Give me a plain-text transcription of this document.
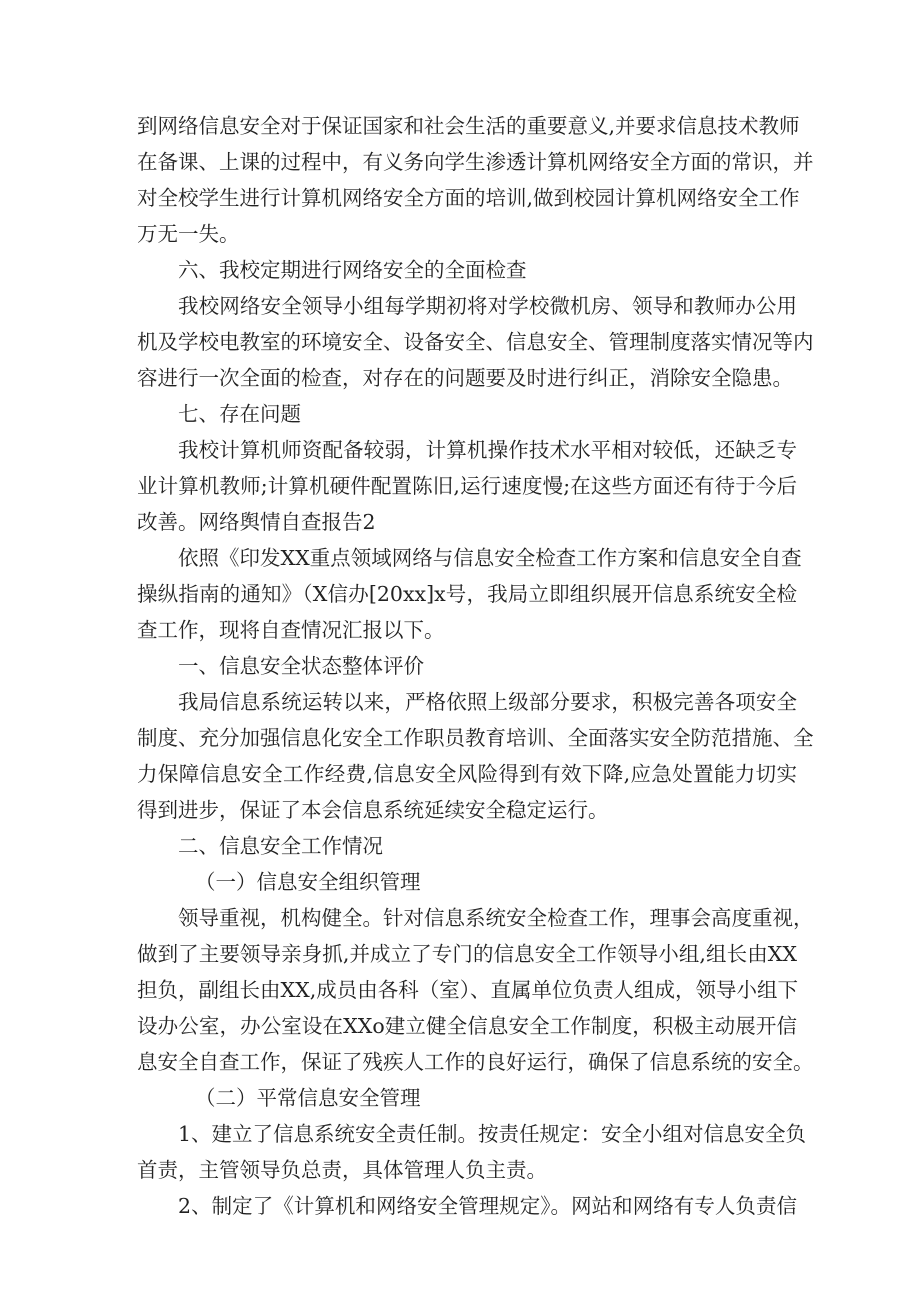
到网络信息安全对于保证国家和社会生活的重要意义,并要求信息技术教师
在备课、上课的过程中，有义务向学生渗透计算机网络安全方面的常识，并
对全校学生进行计算机网络安全方面的培训,做到校园计算机网络安全工作
万无一失。
六、我校定期进行网络安全的全面检查
我校网络安全领导小组每学期初将对学校微机房、领导和教师办公用
机及学校电教室的环境安全、设备安全、信息安全、管理制度落实情况等内
容进行一次全面的检查，对存在的问题要及时进行纠正，消除安全隐患。
七、存在问题
我校计算机师资配备较弱，计算机操作技术水平相对较低，还缺乏专
业计算机教师;计算机硬件配置陈旧,运行速度慢;在这些方面还有待于今后
改善。网络舆情自查报告2
依照《印发XX重点领域网络与信息安全检查工作方案和信息安全自查
操纵指南的通知》（X信办[20xx]x号，我局立即组织展开信息系统安全检
查工作，现将自查情况汇报以下。
一、信息安全状态整体评价
我局信息系统运转以来，严格依照上级部分要求，积极完善各项安全
制度、充分加强信息化安全工作职员教育培训、全面落实安全防范措施、全
力保障信息安全工作经费,信息安全风险得到有效下降,应急处置能力切实
得到进步，保证了本会信息系统延续安全稳定运行。
二、信息安全工作情况
（一）信息安全组织管理
领导重视，机构健全。针对信息系统安全检查工作，理事会高度重视，
做到了主要领导亲身抓,并成立了专门的信息安全工作领导小组,组长由XX
担负，副组长由XX,成员由各科（室）、直属单位负责人组成，领导小组下
设办公室，办公室设在XXo建立健全信息安全工作制度，积极主动展开信
息安全自查工作，保证了残疾人工作的良好运行，确保了信息系统的安全。
（二）平常信息安全管理
1、建立了信息系统安全责任制。按责任规定：安全小组对信息安全负
首责，主管领导负总责，具体管理人负主责。
2、制定了《计算机和网络安全管理规定》。网站和网络有专人负责信
